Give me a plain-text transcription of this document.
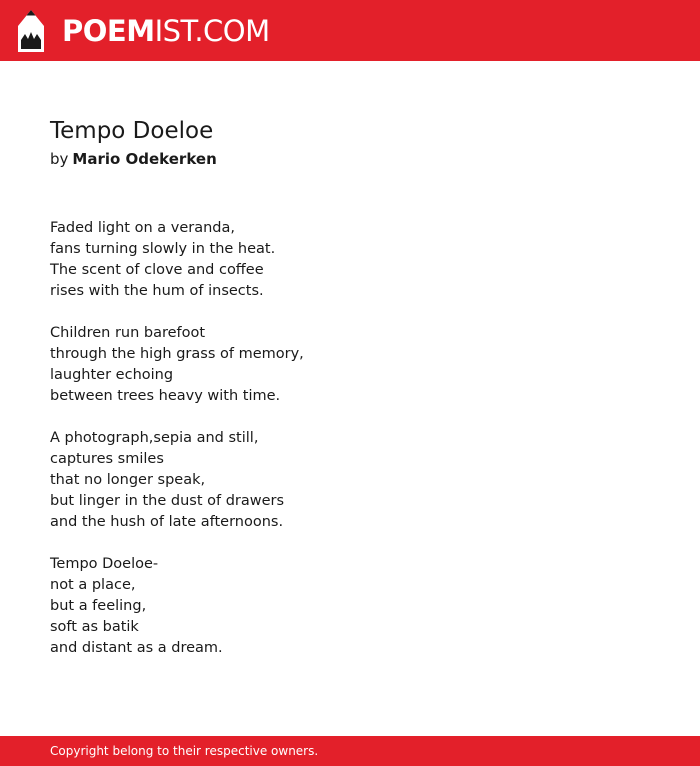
POEMIST.COM
Tempo Doeloe
by Mario Odekerken

Faded light on a veranda,
fans turning slowly in the heat.
The scent of clove and coffee
rises with the hum of insects.

Children run barefoot
through the high grass of memory,
laughter echoing
between trees heavy with time.

A photograph,sepia and still,
captures smiles
that no longer speak,
but linger in the dust of drawers
and the hush of late afternoons.

Tempo Doeloe-
not a place,
but a feeling,
soft as batik
and distant as a dream.

Copyright belong to their respective owners.
